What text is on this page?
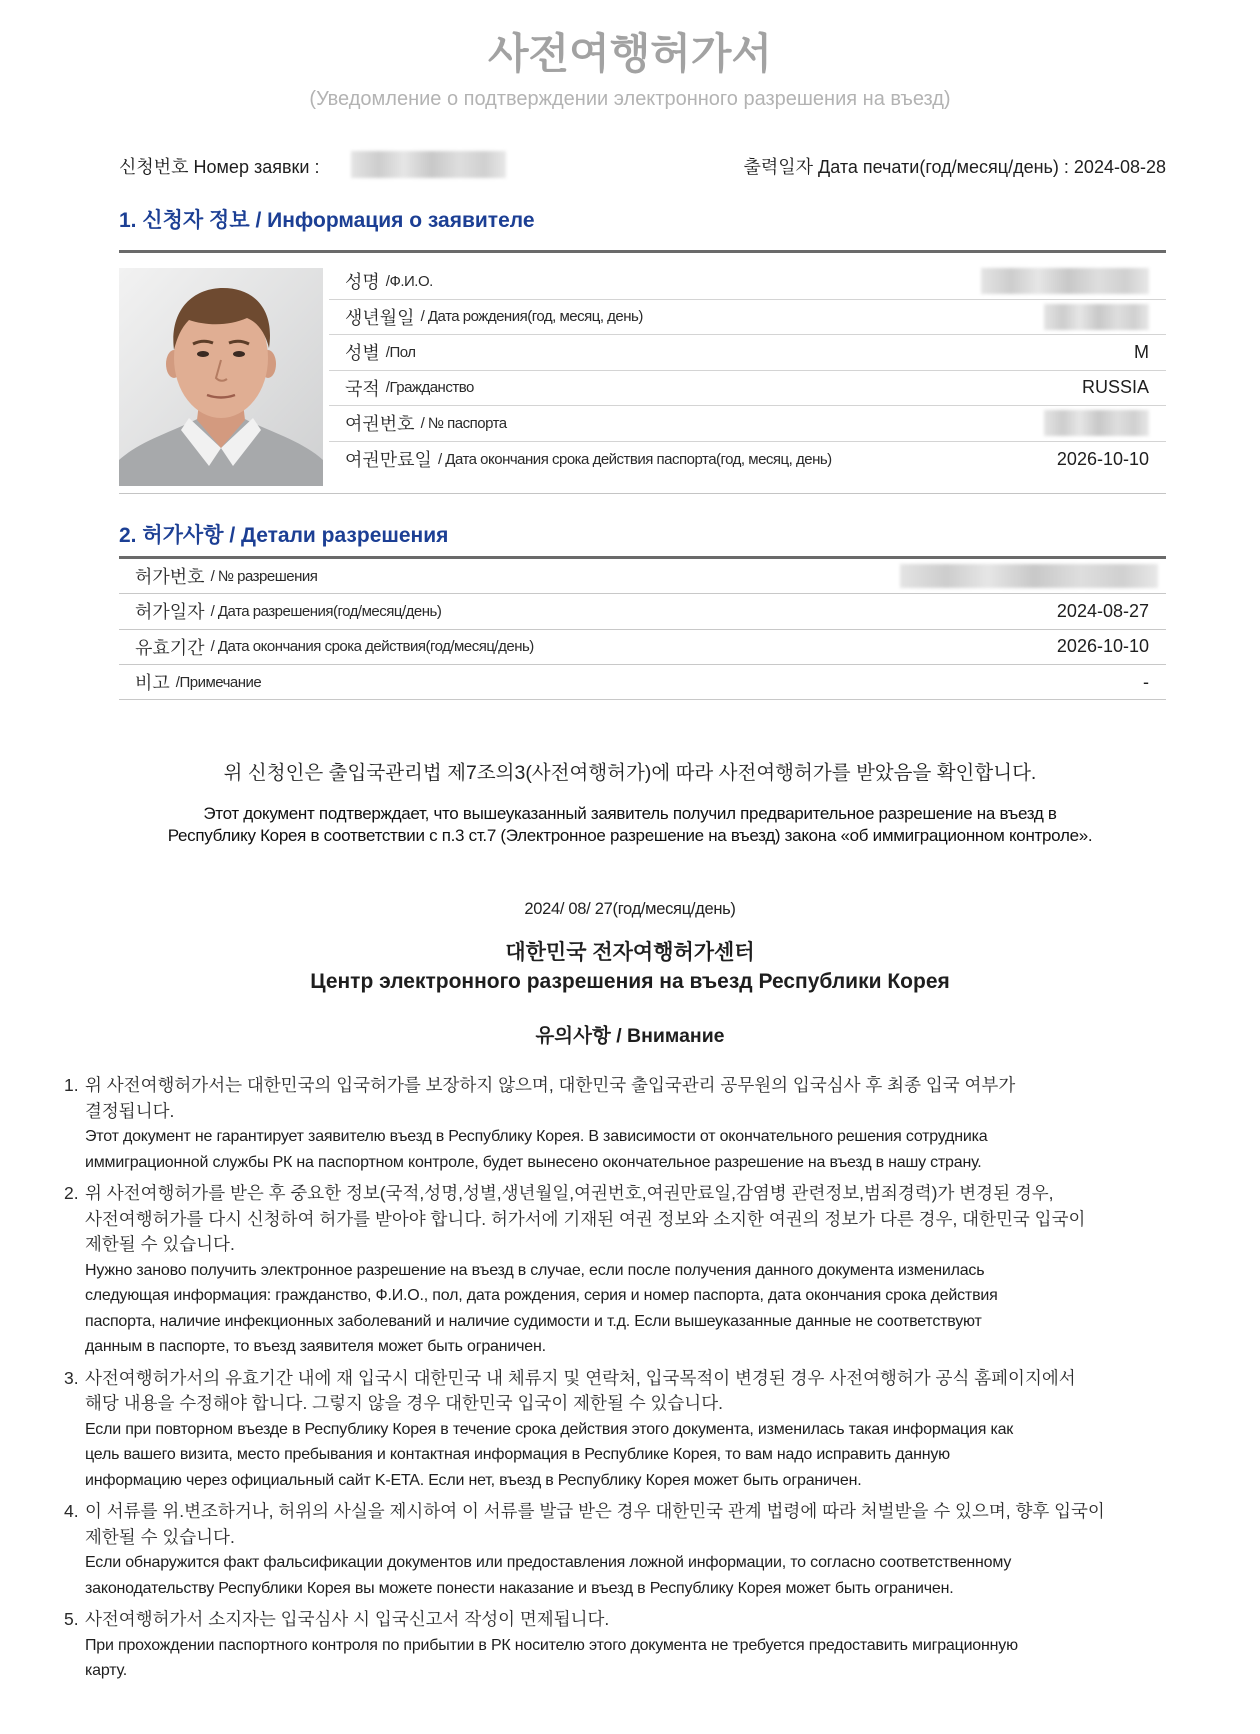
사전여행허가서
(Уведомление о подтверждении электронного разрешения на въезд)
신청번호 Номер заявки :	출력일자 Дата печати(год/месяц/день) : 2024-08-28
1. 신청자 정보 / Информация о заявителе
성명 /Ф.И.О.
생년월일 / Дата рождения(год, месяц, день)
성별 /Пол	M
국적 /Гражданство	RUSSIA
여권번호 / № паспорта
여권만료일 / Дата окончания срока действия паспорта(год, месяц, день)	2026-10-10
2. 허가사항 / Детали разрешения
허가번호 / № разрешения
허가일자 / Дата разрешения(год/месяц/день)	2024-08-27
유효기간 / Дата окончания срока действия(год/месяц/день)	2026-10-10
비고 /Примечание	-
위 신청인은 출입국관리법 제7조의3(사전여행허가)에 따라 사전여행허가를 받았음을 확인합니다.
Этот документ подтверждает, что вышеуказанный заявитель получил предварительное разрешение на въезд в
Республику Корея в соответствии с п.3 ст.7 (Электронное разрешение на въезд) закона «об иммиграционном контроле».
2024/ 08/ 27(год/месяц/день)
대한민국 전자여행허가센터
Центр электронного разрешения на въезд Республики Корея
유의사항 / Внимание
1. 위 사전여행허가서는 대한민국의 입국허가를 보장하지 않으며, 대한민국 출입국관리 공무원의 입국심사 후 최종 입국 여부가
결정됩니다.
Этот документ не гарантирует заявителю въезд в Республику Корея. В зависимости от окончательного решения сотрудника
иммиграционной службы РК на паспортном контроле, будет вынесено окончательное разрешение на въезд в нашу страну.
2. 위 사전여행허가를 받은 후 중요한 정보(국적,성명,성별,생년월일,여권번호,여권만료일,감염병 관련정보,범죄경력)가 변경된 경우,
사전여행허가를 다시 신청하여 허가를 받아야 합니다. 허가서에 기재된 여권 정보와 소지한 여권의 정보가 다른 경우, 대한민국 입국이
제한될 수 있습니다.
Нужно заново получить электронное разрешение на въезд в случае, если после получения данного документа изменилась
следующая информация: гражданство, Ф.И.О., пол, дата рождения, серия и номер паспорта, дата окончания срока действия
паспорта, наличие инфекционных заболеваний и наличие судимости и т.д. Если вышеуказанные данные не соответствуют
данным в паспорте, то въезд заявителя может быть ограничен.
3. 사전여행허가서의 유효기간 내에 재 입국시 대한민국 내 체류지 및 연락처, 입국목적이 변경된 경우 사전여행허가 공식 홈페이지에서
해당 내용을 수정해야 합니다. 그렇지 않을 경우 대한민국 입국이 제한될 수 있습니다.
Если при повторном въезде в Республику Корея в течение срока действия этого документа, изменилась такая информация как
цель вашего визита, место пребывания и контактная информация в Республике Корея, то вам надо исправить данную
информацию через официальный сайт K-ETA. Если нет, въезд в Республику Корея может быть ограничен.
4. 이 서류를 위.변조하거나, 허위의 사실을 제시하여 이 서류를 발급 받은 경우 대한민국 관계 법령에 따라 처벌받을 수 있으며, 향후 입국이
제한될 수 있습니다.
Если обнаружится факт фальсификации документов или предоставления ложной информации, то согласно соответственному
законодательству Республики Корея вы можете понести наказание и въезд в Республику Корея может быть ограничен.
5. 사전여행허가서 소지자는 입국심사 시 입국신고서 작성이 면제됩니다.
При прохождении паспортного контроля по прибытии в РК носителю этого документа не требуется предоставить миграционную
карту.
